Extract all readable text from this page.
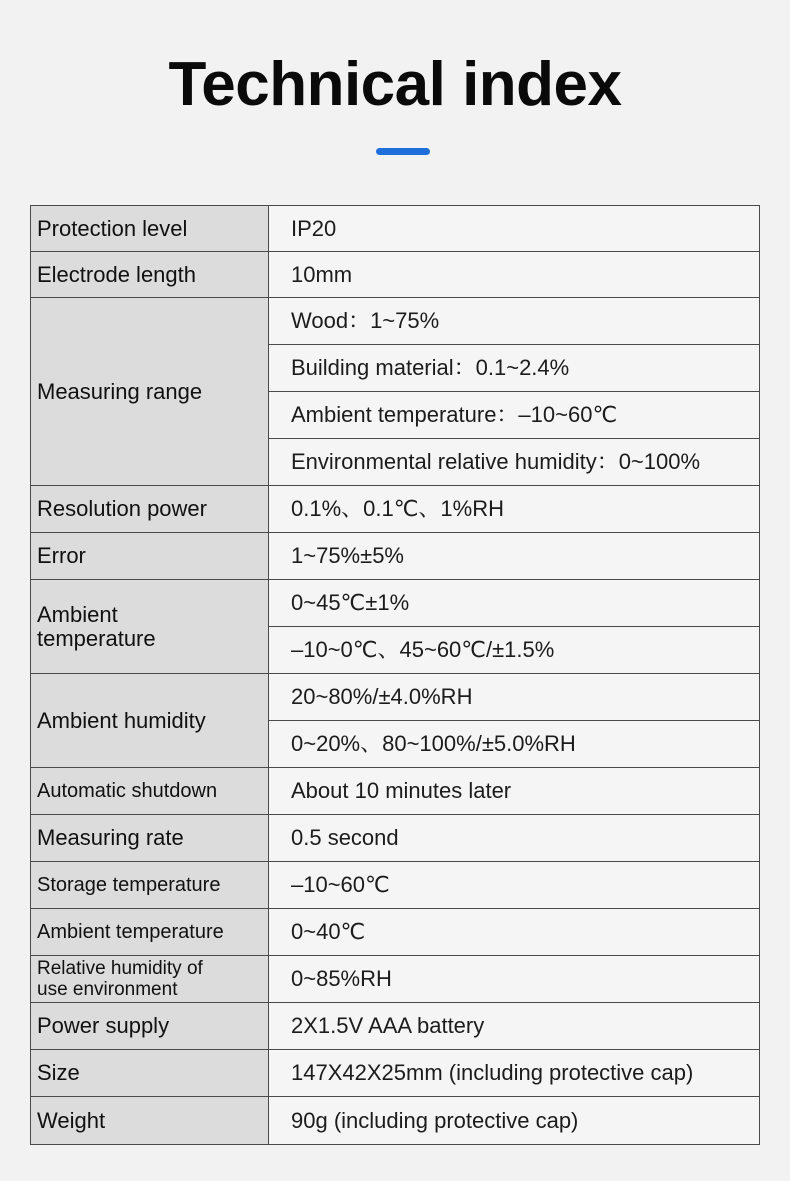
Technical index
Protection level	IP20
Electrode length	10mm
Measuring range	Wood：1~75%
	Building material：0.1~2.4%
	Ambient temperature：–10~60℃
	Environmental relative humidity：0~100%
Resolution power	0.1%、0.1℃、1%RH
Error	1~75%±5%
Ambient temperature	0~45℃±1%
	–10~0℃、45~60℃/±1.5%
Ambient humidity	20~80%/±4.0%RH
	0~20%、80~100%/±5.0%RH
Automatic shutdown	About 10 minutes later
Measuring rate	0.5 second
Storage temperature	–10~60℃
Ambient temperature	0~40℃
Relative humidity of use environment	0~85%RH
Power supply	2X1.5V AAA battery
Size	147X42X25mm (including protective cap)
Weight	90g (including protective cap)
